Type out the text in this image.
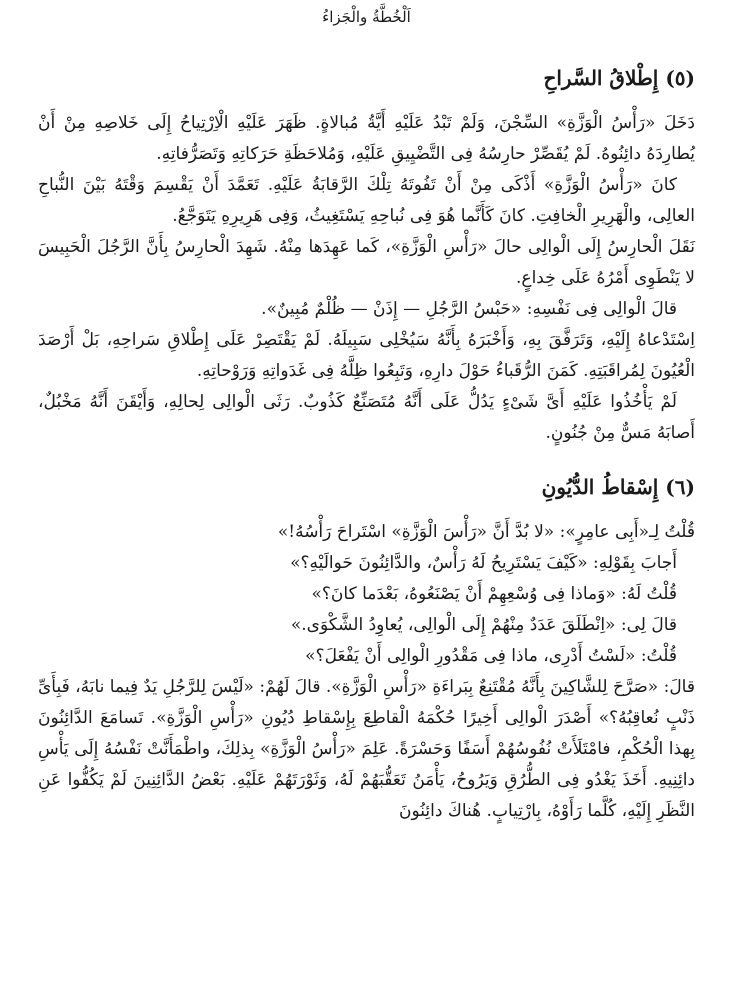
اَلْخُطَّةُ والْجَزاءُ
(٥) إِطْلاقُ السَّراحِ

دَخَلَ «رَأْسُ الْوَزَّةِ» السِّجْنَ، وَلَمْ تَبْدُ عَلَيْهِ أَيَّةُ مُبالاةٍ. ظَهَرَ عَلَيْهِ الْاِرْتِياحُ إِلَى خَلاصِهِ مِنْ أَنْ يُطارِدَهُ دائِنُوهُ. لَمْ يُقَصِّرْ حارِسُهُ فِى التَّضْيِيقِ عَلَيْهِ، وَمُلاحَظَةِ حَرَكاتِهِ وَتَصَرُّفاتِهِ.

كانَ «رَأْسُ الْوَزَّةِ» أَذْكَى مِنْ أَنْ تَفُوتَهُ تِلْكَ الرَّقابَةُ عَلَيْهِ. تَعَمَّدَ أَنْ يَقْسِمَ وَقْتَهُ بَيْنَ النُّباحِ العالِى، والْهَرِيرِ الْخافِتِ. كانَ كَأَنَّما هُوَ فِى نُباحِهِ يَسْتَغِيثُ، وَفِى هَرِيرِهِ يَتَوَجَّعُ.

نَقَلَ الْحارِسُ إِلَى الْوالِى حالَ «رَأْسِ الْوَزَّةِ»، كَما عَهِدَها مِنْهُ. شَهِدَ الْحارِسُ بِأَنَّ الرَّجُلَ الْحَبِيسَ لا يَنْطَوِى أَمْرُهُ عَلَى خِداعٍ.

قالَ الْوالِى فِى نَفْسِهِ: «حَبْسُ الرَّجُلِ — إِذَنْ — ظُلْمٌ مُبِينٌ».

اِسْتَدْعاهُ إِلَيْهِ، وَتَرَفَّقَ بِهِ، وَأَخْبَرَهُ بِأَنَّهُ سَيُخْلِى سَبِيلَهُ. لَمْ يَقْتَصِرْ عَلَى إِطْلاقِ سَراحِهِ، بَلْ أَرْصَدَ الْعُيُونَ لِمُراقَبَتِهِ. كَمَنَ الرُّقَباءُ حَوْلَ دارِهِ، وَتَبِعُوا ظِلَّهُ فِى غَدَواتِهِ وَرَوْحاتِهِ.

لَمْ يَأْخُذُوا عَلَيْهِ أَىَّ شَىْءٍ يَدُلُّ عَلَى أَنَّهُ مُتَصَنِّعٌ كَذُوبٌ. رَثَى الْوالِى لِحالِهِ، وَأَيْقَنَ أَنَّهُ مَخْبُلٌ، أَصابَهُ مَسٌّ مِنْ جُنُونٍ.

(٦) إِسْقاطُ الدُّيُونِ

قُلْتُ لِـ«أَبِى عامِرٍ»: «لا بُدَّ أَنَّ «رَأْسَ الْوَزَّةِ» اسْتَراحَ رَأْسُهُ!»

أَجابَ بِقَوْلِهِ: «كَيْفَ يَسْتَرِيحُ لَهُ رَأْسٌ، والدَّائِنُونَ حَوالَيْهِ؟»

قُلْتُ لَهُ: «وَماذا فِى وُسْعِهِمْ أَنْ يَصْنَعُوهُ، بَعْدَما كانَ؟»

قالَ لِى: «اِنْطَلَقَ عَدَدٌ مِنْهُمْ إِلَى الْوالِى، يُعاوِدُ الشَّكْوَى.»

قُلْتُ: «لَسْتُ أَدْرِى، ماذا فِى مَقْدُورِ الْوالِى أَنْ يَفْعَلَ؟»

قالَ: «صَرَّحَ لِلشَّاكِينَ بِأَنَّهُ مُقْتَنِعٌ بِبَراءَةِ «رَأْسِ الْوَزَّةِ». قالَ لَهُمْ: «لَيْسَ لِلرَّجُلِ يَدٌ فِيما نابَهُ، فَبِأَىِّ ذَنْبٍ نُعاقِبُهُ؟» أَصْدَرَ الْوالِى أَخِيرًا حُكْمَهُ الْقاطِعَ بِإِسْقاطِ دُيُونِ «رَأْسِ الْوَزَّةِ». تَسامَعَ الدَّائِنُونَ بِهذا الْحُكْمِ، فامْتَلَأَتْ نُفُوسُهُمْ أَسَفًا وَحَسْرَةً. عَلِمَ «رَأْسُ الْوَزَّةِ» بِذلِكَ، واطْمَأَنَّتْ نَفْسُهُ إِلَى يَأْسِ دائِنِيهِ. أَخَذَ يَغْدُو فِى الطُّرُقِ وَيَرُوحُ، يَأْمَنُ تَعَقُّبَهُمْ لَهُ، وَثَوْرَتَهُمْ عَلَيْهِ. بَعْضُ الدَّائِنِينَ لَمْ يَكُفُّوا عَنِ النَّظَرِ إِلَيْهِ، كُلَّما رَأَوْهُ، بِارْتِيابٍ. هُناكَ دائِنُونَ
